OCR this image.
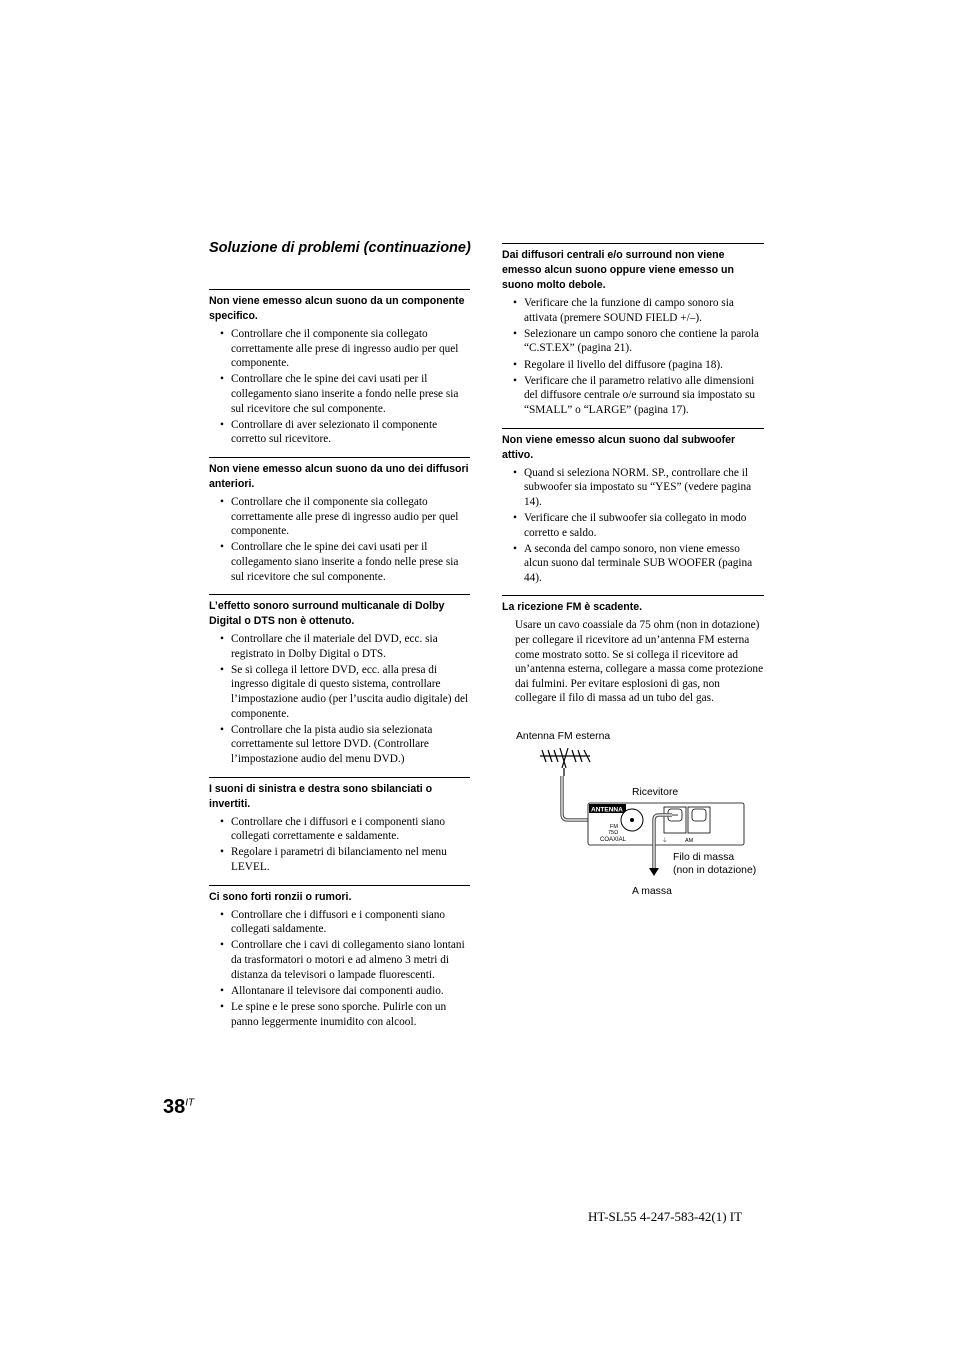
Soluzione di problemi (continuazione)
Non viene emesso alcun suono da un componente specifico.
• Controllare che il componente sia collegato correttamente alle prese di ingresso audio per quel componente.
• Controllare che le spine dei cavi usati per il collegamento siano inserite a fondo nelle prese sia sul ricevitore che sul componente.
• Controllare di aver selezionato il componente corretto sul ricevitore.
Non viene emesso alcun suono da uno dei diffusori anteriori.
• Controllare che il componente sia collegato correttamente alle prese di ingresso audio per quel componente.
• Controllare che le spine dei cavi usati per il collegamento siano inserite a fondo nelle prese sia sul ricevitore che sul componente.
L’effetto sonoro surround multicanale di Dolby Digital o DTS non è ottenuto.
• Controllare che il materiale del DVD, ecc. sia registrato in Dolby Digital o DTS.
• Se si collega il lettore DVD, ecc. alla presa di ingresso digitale di questo sistema, controllare l’impostazione audio (per l’uscita audio digitale) del componente.
• Controllare che la pista audio sia selezionata correttamente sul lettore DVD. (Controllare l’impostazione audio del menu DVD.)
I suoni di sinistra e destra sono sbilanciati o invertiti.
• Controllare che i diffusori e i componenti siano collegati correttamente e saldamente.
• Regolare i parametri di bilanciamento nel menu LEVEL.
Ci sono forti ronzii o rumori.
• Controllare che i diffusori e i componenti siano collegati saldamente.
• Controllare che i cavi di collegamento siano lontani da trasformatori o motori e ad almeno 3 metri di distanza da televisori o lampade fluorescenti.
• Allontanare il televisore dai componenti audio.
• Le spine e le prese sono sporche. Pulirle con un panno leggermente inumidito con alcool.
Dai diffusori centrali e/o surround non viene emesso alcun suono oppure viene emesso un suono molto debole.
• Verificare che la funzione di campo sonoro sia attivata (premere SOUND FIELD +/–).
• Selezionare un campo sonoro che contiene la parola “C.ST.EX” (pagina 21).
• Regolare il livello del diffusore (pagina 18).
• Verificare che il parametro relativo alle dimensioni del diffusore centrale o/e surround sia impostato su “SMALL” o “LARGE” (pagina 17).
Non viene emesso alcun suono dal subwoofer attivo.
• Quand si seleziona NORM. SP., controllare che il subwoofer sia impostato su “YES” (vedere pagina 14).
• Verificare che il subwoofer sia collegato in modo corretto e saldo.
• A seconda del campo sonoro, non viene emesso alcun suono dal terminale SUB WOOFER (pagina 44).
La ricezione FM è scadente.

Usare un cavo coassiale da 75 ohm (non in dotazione) per collegare il ricevitore ad un’antenna FM esterna come mostrato sotto. Se si collega il ricevitore ad un’antenna esterna, collegare a massa come protezione dai fulmini. Per evitare esplosioni di gas, non collegare il filo di massa ad un tubo del gas.

ANTENNA
FM
75Ω
COAXIAL	⏚	AM
Antenna FM esterna
Ricevitore
Filo di massa
(non in dotazione)
A massa
$38^{IT}$
HT-SL55 4-247-583-42(1) IT
